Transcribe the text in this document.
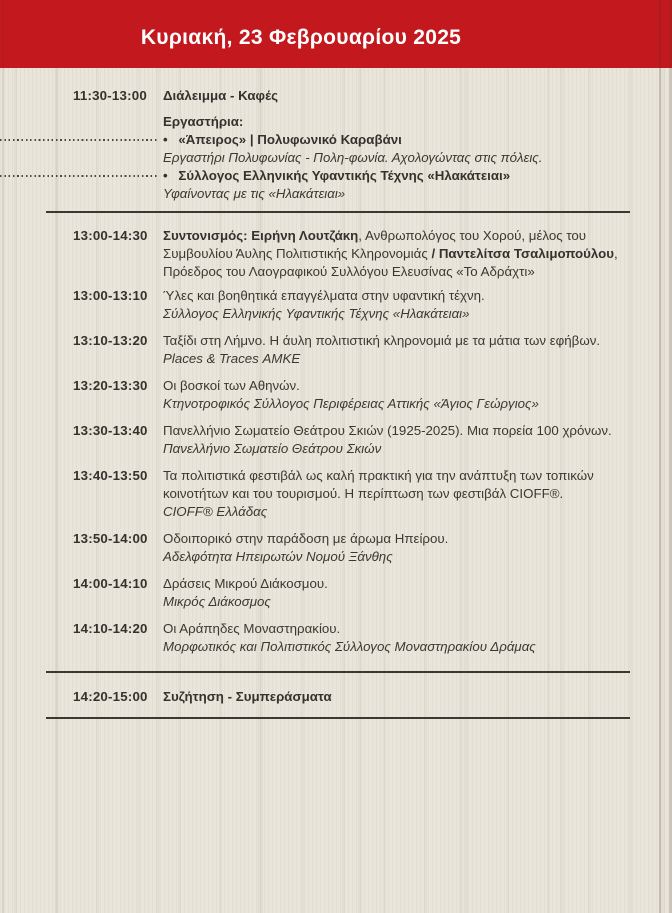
Κυριακή, 23 Φεβρουαρίου 2025
11:30-13:00	Διάλειμμα - Καφές
Εργαστήρια:
• «Άπειρος» | Πολυφωνικό Καραβάνι
Εργαστήρι Πολυφωνίας - Πολη-φωνία. Αχολογώντας στις πόλεις.
• Σύλλογος Ελληνικής Υφαντικής Τέχνης «Ηλακάτειαι»
Υφαίνοντας με τις «Ηλακάτειαι»
13:00-14:30	Συντονισμός: Ειρήνη Λουτζάκη, Ανθρωπολόγος του Χορού, μέλος του Συμβουλίου Άυλης Πολιτιστικής Κληρονομιάς / Παντελίτσα Τσαλιμοπούλου, Πρόεδρος του Λαογραφικού Συλλόγου Ελευσίνας «Το Αδράχτι»
13:00-13:10	Ύλες και βοηθητικά επαγγέλματα στην υφαντική τέχνη.
Σύλλογος Ελληνικής Υφαντικής Τέχνης «Ηλακάτειαι»
13:10-13:20	Ταξίδι στη Λήμνο. Η άυλη πολιτιστική κληρονομιά με τα μάτια των εφήβων.
Places & Traces ΑΜΚΕ
13:20-13:30	Οι βοσκοί των Αθηνών.
Κτηνοτροφικός Σύλλογος Περιφέρειας Αττικής «Άγιος Γεώργιος»
13:30-13:40	Πανελλήνιο Σωματείο Θεάτρου Σκιών (1925-2025). Μια πορεία 100 χρόνων.
Πανελλήνιο Σωματείο Θεάτρου Σκιών
13:40-13:50	Τα πολιτιστικά φεστιβάλ ως καλή πρακτική για την ανάπτυξη των τοπικών κοινοτήτων και του τουρισμού. Η περίπτωση των φεστιβάλ CIOFF®.
CIOFF® Ελλάδας
13:50-14:00	Οδοιπορικό στην παράδοση με άρωμα Ηπείρου.
Αδελφότητα Ηπειρωτών Νομού Ξάνθης
14:00-14:10	Δράσεις Μικρού Διάκοσμου.
Μικρός Διάκοσμος
14:10-14:20	Οι Αράπηδες Μοναστηρακίου.
Μορφωτικός και Πολιτιστικός Σύλλογος Μοναστηρακίου Δράμας
14:20-15:00	Συζήτηση - Συμπεράσματα
